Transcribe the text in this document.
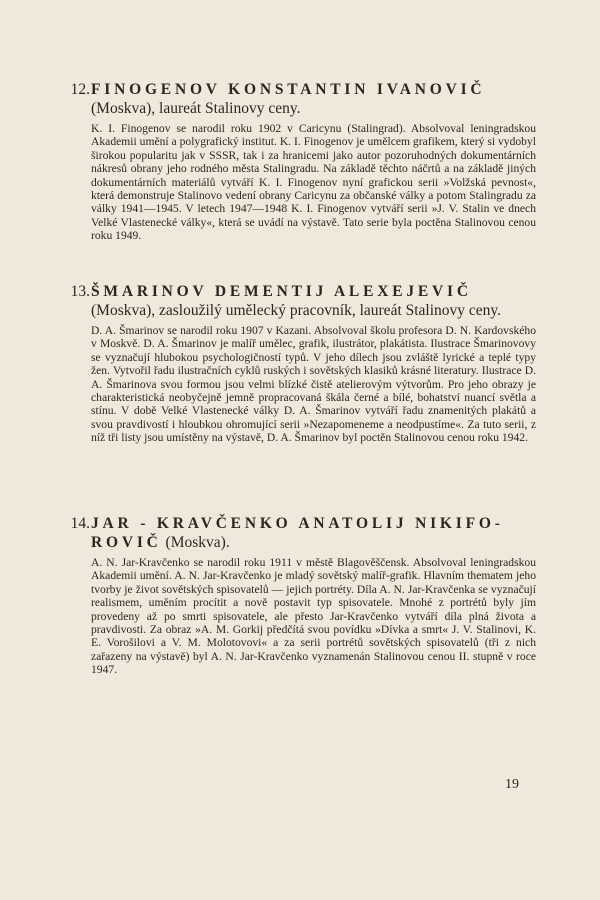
12. FINOGENOV KONSTANTIN IVANOVIČ (Moskva), laureát Stalinovy ceny.

K. I. Finogenov se narodil roku 1902 v Caricynu (Stalingrad). Absolvoval leningradskou Akademii umění a polygrafický institut. K. I. Finogenov je umělcem grafikem, který si vydobyl širokou popularitu jak v SSSR, tak i za hranicemi jako autor pozoruhodných dokumentárních nákresů obrany jeho rodného města Stalingradu. Na základě těchto náčrtů a na základě jiných dokumentárních materiálů vytváří K. I. Finogenov nyní grafickou serii »Volžská pevnost«, která demonstruje Stalinovo vedení obrany Caricynu za občanské války a potom Stalingradu za války 1941—1945. V letech 1947—1948 K. I. Finogenov vytváří serii »J. V. Stalin ve dnech Velké Vlastenecké války«, která se uvádí na výstavě. Tato serie byla poctěna Stalinovou cenou roku 1949.

13. ŠMARINOV DEMENTIJ ALEXEJEVIČ (Moskva), zasloužilý umělecký pracovník, laureát Stalinovy ceny.

D. A. Šmarinov se narodil roku 1907 v Kazani. Absolvoval školu profesora D. N. Kardovského v Moskvě. D. A. Šmarinov je malíř umělec, grafik, ilustrátor, plakátista. Ilustrace Šmarinovovy se vyznačují hlubokou psychologičností typů. V jeho dílech jsou zvláště lyrické a teplé typy žen. Vytvořil řadu ilustračních cyklů ruských i sovětských klasiků krásné literatury. Ilustrace D. A. Šmarinova svou formou jsou velmi blízké čistě atelierovým výtvorům. Pro jeho obrazy je charakteristická neobyčejně jemně propracovaná škála černé a bílé, bohatství nuancí světla a stínu. V době Velké Vlastenecké války D. A. Šmarinov vytváří řadu znamenitých plakátů a svou pravdivostí i hloubkou ohromující serii »Nezapomeneme a neodpustíme«. Za tuto serii, z níž tři listy jsou umístěny na výstavě, D. A. Šmarinov byl poctěn Stalinovou cenou roku 1942.

14. JAR - KRAVČENKO ANATOLIJ NIKIFO-ROVIČ (Moskva).

A. N. Jar-Kravčenko se narodil roku 1911 v městě Blagověščensk. Absolvoval leningradskou Akademii umění. A. N. Jar-Kravčenko je mladý sovětský malíř-grafik. Hlavním thematem jeho tvorby je život sovětských spisovatelů — jejich portréty. Díla A. N. Jar-Kravčenka se vyznačují realismem, uměním procítit a nově postavit typ spisovatele. Mnohé z portrétů byly jím provedeny až po smrti spisovatele, ale přesto Jar-Kravčenko vytváří díla plná života a pravdivosti. Za obraz »A. M. Gorkij předčítá svou povídku »Dívka a smrt« J. V. Stalinovi, K. E. Vorošilovi a V. M. Molotovovi« a za serii portrétů sovětských spisovatelů (tři z nich zařazeny na výstavě) byl A. N. Jar-Kravčenko vyznamenán Stalinovou cenou II. stupně v roce 1947.

19
